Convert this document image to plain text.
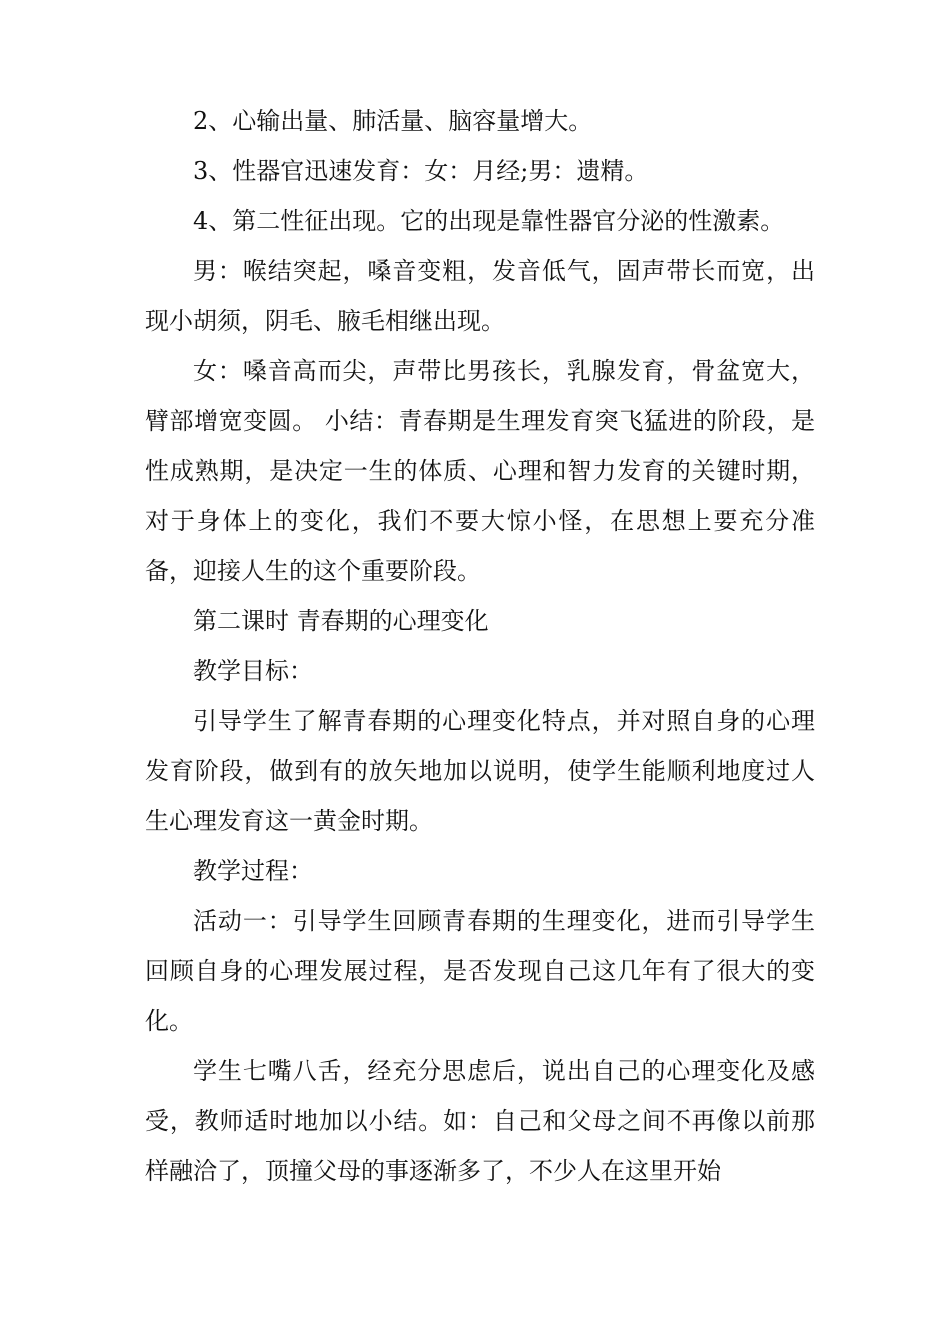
2、心输出量、肺活量、脑容量增大。

3、性器官迅速发育：女：月经;男：遗精。

4、第二性征出现。它的出现是靠性器官分泌的性激素。

男：喉结突起，嗓音变粗，发音低气，固声带长而宽，出现小胡须，阴毛、腋毛相继出现。

女：嗓音高而尖，声带比男孩长，乳腺发育，骨盆宽大，臂部增宽变圆。 小结：青春期是生理发育突飞猛进的阶段，是性成熟期，是决定一生的体质、心理和智力发育的关键时期，对于身体上的变化，我们不要大惊小怪，在思想上要充分准备，迎接人生的这个重要阶段。

第二课时 青春期的心理变化

教学目标：

引导学生了解青春期的心理变化特点，并对照自身的心理发育阶段，做到有的放矢地加以说明，使学生能顺利地度过人生心理发育这一黄金时期。

教学过程：

活动一：引导学生回顾青春期的生理变化，进而引导学生回顾自身的心理发展过程，是否发现自己这几年有了很大的变化。

学生七嘴八舌，经充分思虑后，说出自己的心理变化及感受，教师适时地加以小结。如：自己和父母之间不再像以前那样融洽了，顶撞父母的事逐渐多了，不少人在这里开始
